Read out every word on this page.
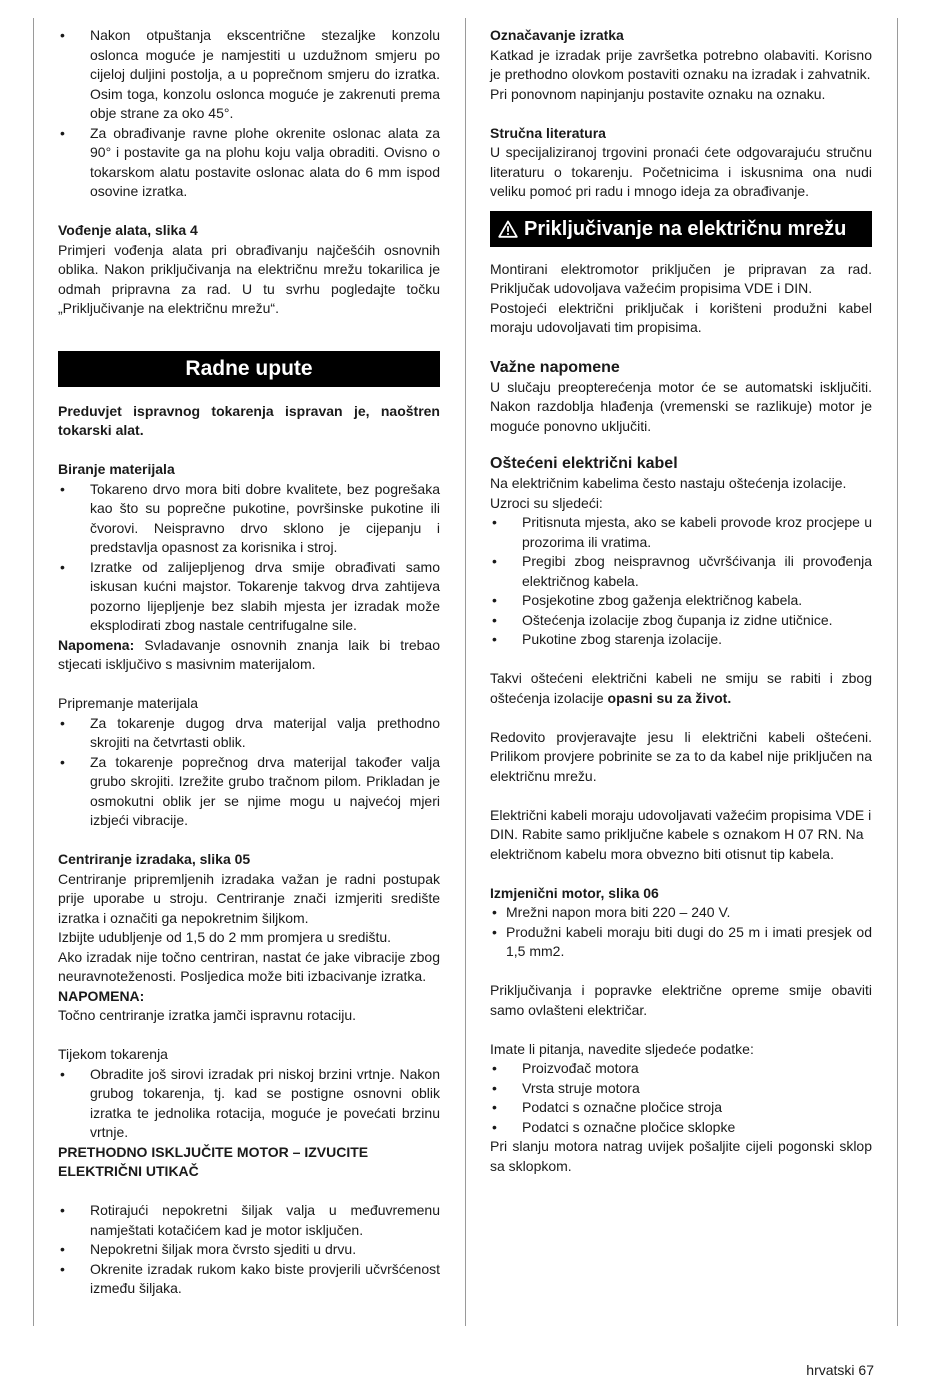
• Nakon otpuštanja ekscentrične stezaljke konzolu oslonca moguće je namjestiti u uzdužnom smjeru po cijeloj duljini postolja, a u poprečnom smjeru do izratka. Osim toga, konzolu oslonca moguće je zakrenuti prema obje strane za oko 45°.
• Za obrađivanje ravne plohe okrenite oslonac alata za 90° i postavite ga na plohu koju valja obraditi. Ovisno o tokarskom alatu postavite oslonac alata do 6 mm ispod osovine izratka.

Vođenje alata, slika 4

Primjeri vođenja alata pri obrađivanju najčešćih osnovnih oblika. Nakon priključivanja na električnu mrežu tokarilica je odmah pripravna za rad. U tu svrhu pogledajte točku „Priključivanje na električnu mrežu“.

Radne upute

Preduvjet ispravnog tokarenja ispravan je, naoštren tokarski alat.

Biranje materijala

• Tokareno drvo mora biti dobre kvalitete, bez pogrešaka kao što su poprečne pukotine, površinske pukotine ili čvorovi. Neispravno drvo sklono je cijepanju i predstavlja opasnost za korisnika i stroj.
• Izratke od zalijepljenog drva smije obrađivati samo iskusan kućni majstor. Tokarenje takvog drva zahtijeva pozorno lijepljenje bez slabih mjesta jer izradak može eksplodirati zbog nastale centrifugalne sile.

Napomena: Svladavanje osnovnih znanja laik bi trebao stjecati isključivo s masivnim materijalom.

Pripremanje materijala

• Za tokarenje dugog drva materijal valja prethodno skrojiti na četvrtasti oblik.
• Za tokarenje poprečnog drva materijal također valja grubo skrojiti. Izrežite grubo tračnom pilom. Prikladan je osmokutni oblik jer se njime mogu u najvećoj mjeri izbjeći vibracije.

Centriranje izradaka, slika 05

Centriranje pripremljenih izradaka važan je radni postupak prije uporabe u stroju. Centriranje znači izmjeriti središte izratka i označiti ga nepokretnim šiljkom.

Izbijte udubljenje od 1,5 do 2 mm promjera u središtu.

Ako izradak nije točno centriran, nastat će jake vibracije zbog neuravnoteženosti. Posljedica može biti izbacivanje izratka.

NAPOMENA:

Točno centriranje izratka jamči ispravnu rotaciju.

Tijekom tokarenja

• Obradite još sirovi izradak pri niskoj brzini vrtnje. Nakon grubog tokarenja, tj. kad se postigne osnovni oblik izratka te jednolika rotacija, moguće je povećati brzinu vrtnje.

PRETHODNO ISKLJUČITE MOTOR – IZVUCITE ELEKTRIČNI UTIKAČ

• Rotirajući nepokretni šiljak valja u međuvremenu namještati kotačićem kad je motor isključen.
• Nepokretni šiljak mora čvrsto sjediti u drvu.
• Okrenite izradak rukom kako biste provjerili učvršćenost između šiljaka.

Označavanje izratka

Katkad je izradak prije završetka potrebno olabaviti. Korisno je prethodno olovkom postaviti oznaku na izradak i zahvatnik.

Pri ponovnom napinjanju postavite oznaku na oznaku.

Stručna literatura

U specijaliziranoj trgovini pronaći ćete odgovarajuću stručnu literaturu o tokarenju. Početnicima i iskusnima ona nudi veliku pomoć pri radu i mnogo ideja za obrađivanje.

Priključivanje na električnu mrežu

Montirani elektromotor priključen je pripravan za rad. Priključak udovoljava važećim propisima VDE i DIN.

Postojeći električni priključak i korišteni produžni kabel moraju udovoljavati tim propisima.

Važne napomene

U slučaju preopterećenja motor će se automatski isključiti. Nakon razdoblja hlađenja (vremenski se razlikuje) motor je moguće ponovno uključiti.

Oštećeni električni kabel

Na električnim kabelima često nastaju oštećenja izolacije.

Uzroci su sljedeći:

• Pritisnuta mjesta, ako se kabeli provode kroz procjepe u prozorima ili vratima.
• Pregibi zbog neispravnog učvršćivanja ili provođenja električnog kabela.
• Posjekotine zbog gaženja električnog kabela.
• Oštećenja izolacije zbog čupanja iz zidne utičnice.
• Pukotine zbog starenja izolacije.

Takvi oštećeni električni kabeli ne smiju se rabiti i zbog oštećenja izolacije opasni su za život.

Redovito provjeravajte jesu li električni kabeli oštećeni. Prilikom provjere pobrinite se za to da kabel nije priključen na električnu mrežu.

Električni kabeli moraju udovoljavati važećim propisima VDE i DIN. Rabite samo priključne kabele s oznakom H 07 RN. Na električnom kabelu mora obvezno biti otisnut tip kabela.

Izmjenični motor, slika 06

• Mrežni napon mora biti 220 – 240 V.
• Produžni kabeli moraju biti dugi do 25 m i imati presjek od 1,5 mm2.

Priključivanja i popravke električne opreme smije obaviti samo ovlašteni električar.

Imate li pitanja, navedite sljedeće podatke:

• Proizvođač motora
• Vrsta struje motora
• Podatci s označne pločice stroja
• Podatci s označne pločice sklopke

Pri slanju motora natrag uvijek pošaljite cijeli pogonski sklop sa sklopkom.

hrvatski 67
